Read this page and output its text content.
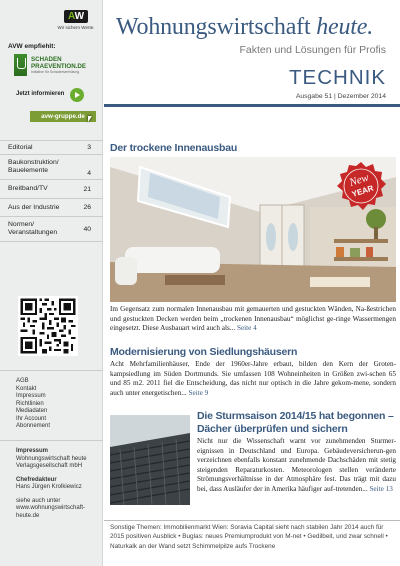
AW
Wir sichern Werte.
AVW empfiehlt:
SCHADEN
PRAEVENTION.DE
Initiative für Schadenverhütung
Jetzt informieren
avw-gruppe.de
Editorial	3
Baukonstruktion/
Bauelemente	4
Breitband/TV	21
Aus der Industrie	26
Normen/
Veranstaltungen	40
AGB
Kontakt
Impressum
Richtlinien
Mediadaten
Ihr Account
Abonnement
Impressum
Wohnungswirtschaft heute
Verlagsgesellschaft mbH
Chefredakteur
Hans Jürgen Krolkiewicz
siehe auch unter
www.wohnungswirtschaft-
heute.de
Wohnungswirtschaft heute.
Fakten und Lösungen für Profis
TECHNIK
Ausgabe 51 | Dezember 2014
Der trockene Innenausbau
New
YEAR
Im Gegensatz zum normalen Innenausbau mit gemauerten und gestuckten Wänden, Na-ßestrichen und gestuckten Decken werden beim „trockenen Innenausbau“ möglichst ge-ringe Wassermengen eingesetzt. Diese Ausbauart wird auch als... Seite 4
Modernisierung von Siedlungshäusern
Acht Mehrfamilienhäuser, Ende der 1960er-Jahre erbaut, bilden den Kern der Groten-kampsiedlung im Süden Dortmunds. Sie umfassen 108 Wohneinheiten in Größen zwi-schen 65 und 85 m2. 2011 fiel die Entscheidung, das nicht nur optisch in die Jahre gekom-mene, sondern auch unter energetischen... Seite 9
Die Sturmsaison 2014/15 hat begonnen –
Dächer überprüfen und sichern
Nicht nur die Wissenschaft warnt vor zunehmenden Sturmer-eignissen in Deutschland und Europa. Gebäudeversicherun-gen verzeichnen ebenfalls konstant zunehmende Dachschäden mit stetig steigenden Reparaturkosten. Meteorologen stellen veränderte Strömungsverhältnisse in der Atmosphäre fest. Das trägt mit dazu bei, dass Ausläufer der in Amerika häufiger auf-tretenden... Seite 13
Sonstige Themen: Immobilienmarkt Wien: Soravia Capital sieht nach stabilen Jahr 2014 auch für 2015 positiven Ausblick • Buglas: neues Premiumprodukt von M-net • Gedilbeit, und zwar schnell • Naturkalk an der Wand setzt Schimmelpilze aufs Trockene
